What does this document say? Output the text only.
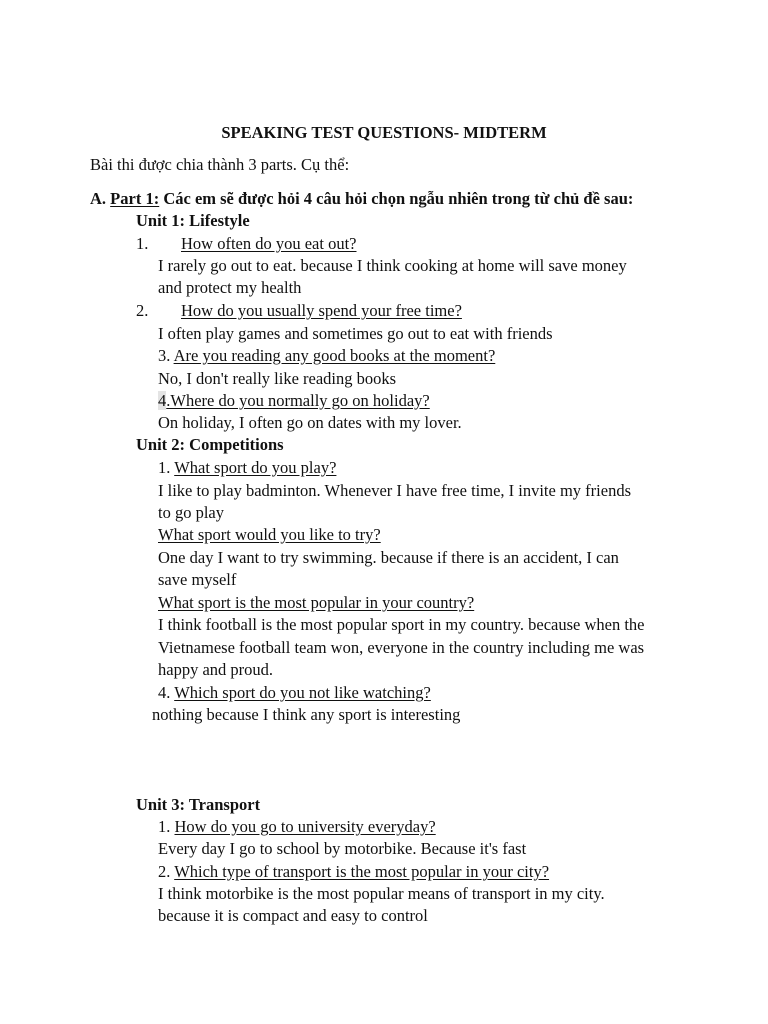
SPEAKING TEST QUESTIONS- MIDTERM
Bài thi được chia thành 3 parts. Cụ thể:
A. Part 1: Các em sẽ được hỏi 4 câu hỏi chọn ngẫu nhiên trong từ chủ đề sau:
Unit 1: Lifestyle
1. How often do you eat out?
I rarely go out to eat. because I think cooking at home will save money
and protect my health
2. How do you usually spend your free time?
I often play games and sometimes go out to eat with friends
3. Are you reading any good books at the moment?
No, I don't really like reading books
4.Where do you normally go on holiday?
On holiday, I often go on dates with my lover.
Unit 2: Competitions
1. What sport do you play?
I like to play badminton. Whenever I have free time, I invite my friends
to go play
What sport would you like to try?
One day I want to try swimming. because if there is an accident, I can
save myself
What sport is the most popular in your country?
I think football is the most popular sport in my country. because when the
Vietnamese football team won, everyone in the country including me was
happy and proud.
4. Which sport do you not like watching?
nothing because I think any sport is interesting
Unit 3: Transport
1. How do you go to university everyday?
Every day I go to school by motorbike. Because it's fast
2. Which type of transport is the most popular in your city?
I think motorbike is the most popular means of transport in my city.
because it is compact and easy to control
